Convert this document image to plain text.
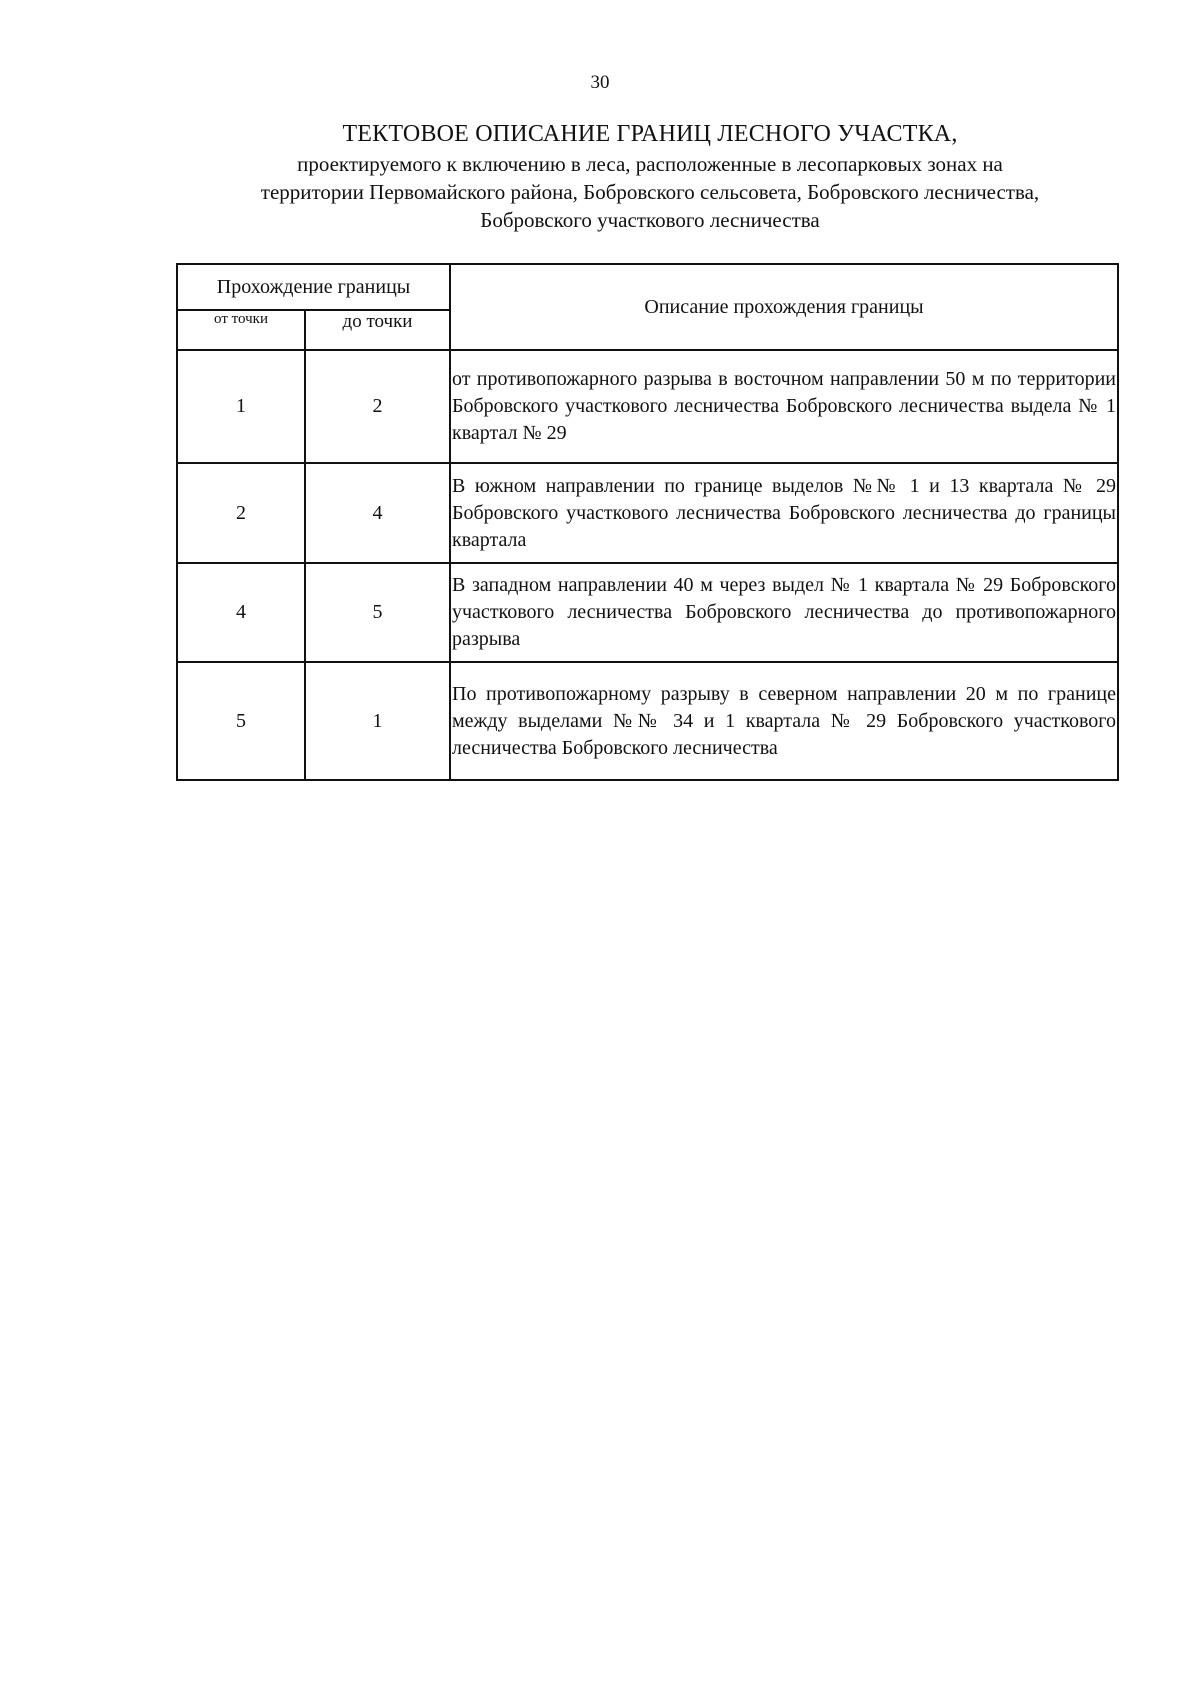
30
ТЕКТОВОЕ ОПИСАНИЕ ГРАНИЦ ЛЕСНОГО УЧАСТКА,
проектируемого к включению в леса, расположенные в лесопарковых зонах на
территории Первомайского района, Бобровского сельсовета, Бобровского лесничества,
Бобровского участкового лесничества
Прохождение границы		Описание прохождения границы
от точки	до точки	
1	2	от противопожарного разрыва в восточном направлении 50 м по территории Бобровского участкового лесничества Бобровского лесничества выдела № 1 квартал № 29
2	4	В южном направлении по границе выделов №№ 1 и 13 квартала № 29 Бобровского участкового лесничества Бобровского лесничества до границы квартала
4	5	В западном направлении 40 м через выдел № 1 квартала № 29 Бобровского участкового лесничества Бобровского лесничества до противопожарного разрыва
5	1	По противопожарному разрыву в северном направлении 20 м по границе между выделами №№ 34 и 1 квартала № 29 Бобровского участкового лесничества Бобровского лесничества
